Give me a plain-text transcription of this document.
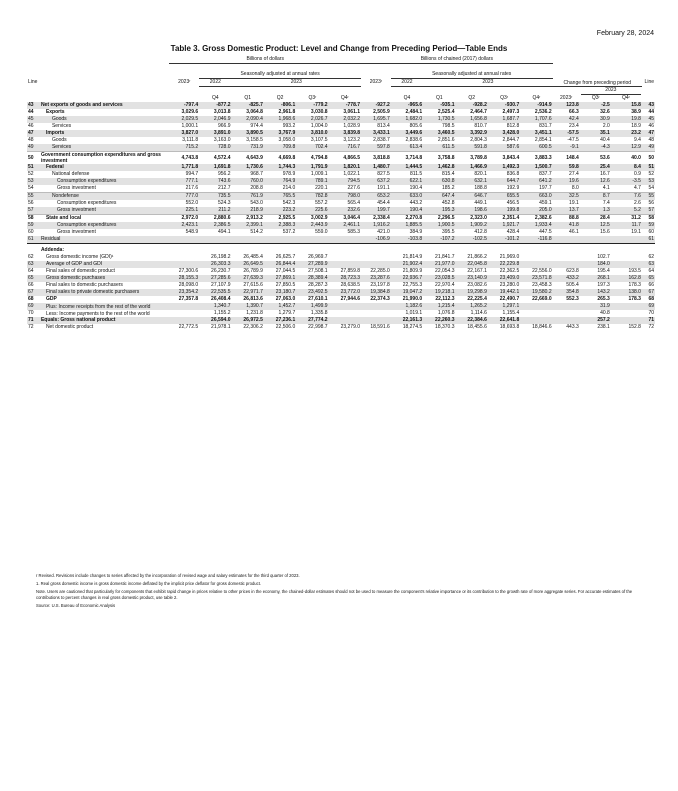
February 28, 2024
Table 3. Gross Domestic Product: Level and Change from Preceding Period—Table Ends
		Billions of dollars						Billions of chained (2017) dollars									
Line			Seasonally adjusted at annual rates						Seasonally adjusted at annual rates					Change from preceding period			Line
		2023ʳ	2022	2023				2023ʳ	2022	2023							
			Q4	Q1	Q2	Q3ʳ	Q4ʳ		Q4	Q1	Q2	Q3ʳ	Q4ʳ	2023ʳ	2023
Q3ʳ Q4ʳ		

43	Net exports of goods and services	-797.4	-877.2	-825.7	-806.1	-779.2	-778.7	-927.2	-965.6	-935.1	-928.2	-930.7	-914.9	123.8	-2.5	15.8	43
44	Exports	3,029.6	3,013.8	3,064.8	2,961.8	3,030.8	3,061.1	2,505.9	2,484.1	2,525.4	2,464.7	2,497.3	2,536.2	66.3	32.6	38.9	44
45	Goods	2,029.5	2,046.9	2,090.4	1,968.6	2,026.7	2,032.2	1,695.7	1,682.0	1,730.5	1,656.8	1,687.7	1,707.6	42.4	30.9	19.8	45
46	Services	1,000.1	966.9	974.4	993.2	1,004.0	1,028.9	813.4	805.6	798.5	810.7	812.8	831.7	23.4	2.0	18.9	46
47	Imports	3,827.0	3,891.0	3,890.5	3,767.9	3,810.0	3,839.8	3,433.1	3,449.6	3,460.5	3,392.9	3,428.0	3,451.1	-57.5	35.1	23.2	47
48	Goods	3,111.8	3,163.0	3,158.5	3,058.0	3,107.5	3,123.2	2,838.7	2,838.6	2,851.6	2,804.3	2,844.7	2,854.1	-47.5	40.4	9.4	48
49	Services	715.2	728.0	731.9	709.8	702.4	716.7	597.8	613.4	611.5	591.8	587.6	600.5	-9.1	-4.3	12.9	49
50	Government consumption expenditures and gross investment	4,743.8	4,572.4	4,643.9	4,669.8	4,794.8	4,866.5	3,818.8	3,714.8	3,758.8	3,789.8	3,843.4	3,883.3	148.4	53.6	40.0	50
51	Federal	1,771.8	1,691.8	1,730.6	1,744.3	1,791.9	1,820.1	1,480.7	1,444.5	1,462.8	1,466.9	1,492.3	1,500.7	59.8	25.4	8.4	51
52	National defense	994.7	956.2	968.7	978.9	1,009.1	1,022.1	827.5	811.5	815.4	820.1	836.8	837.7	27.4	16.7	0.9	52
53	Consumption expenditures	777.1	743.6	760.0	764.9	789.1	794.5	637.2	622.1	630.8	632.1	644.7	641.2	19.6	12.6	-3.5	53
54	Gross investment	217.6	212.7	208.8	214.0	220.1	227.6	191.1	190.4	185.2	188.8	192.9	197.7	8.0	4.1	4.7	54
55	Nondefense	777.0	735.5	761.9	765.5	782.8	798.0	653.2	633.0	647.4	646.7	655.5	663.0	32.5	8.7	7.6	55
56	Consumption expenditures	552.0	524.3	543.0	542.3	557.2	565.4	454.4	443.2	452.8	449.1	456.5	459.1	19.1	7.4	2.6	56
57	Gross investment	225.1	211.2	218.9	223.2	225.6	232.6	199.7	190.4	195.3	198.6	199.8	205.0	13.7	1.3	5.2	57
58	State and local	2,972.0	2,880.6	2,913.2	2,925.5	3,002.9	3,046.4	2,338.4	2,270.8	2,296.5	2,323.0	2,351.4	2,382.6	88.8	28.4	31.2	58
59	Consumption expenditures	2,423.1	2,386.5	2,399.1	2,388.3	2,443.9	2,461.1	1,916.2	1,885.5	1,900.5	1,909.2	1,921.7	1,933.4	41.8	12.5	11.7	59
60	Gross investment	548.9	494.1	514.2	537.2	559.0	585.3	421.0	384.9	395.5	412.8	428.4	447.5	46.1	15.6	19.1	60
61	Residual							-106.9	-103.8	-107.2	-102.5	-101.2	-116.8				61
	Addenda:																
62	Gross domestic income (GDI)¹		26,198.2	26,485.4	26,625.7	26,969.7			21,814.9	21,841.7	21,866.2	21,969.0			102.7		62
63	Average of GDP and GDI		26,303.3	26,649.5	26,844.4	27,289.9			21,902.4	21,977.0	22,045.8	22,229.8			184.0		63
64	Final sales of domestic product	27,300.6	26,230.7	26,789.9	27,044.5	27,508.1	27,859.8	22,285.0	21,809.9	22,054.3	22,167.1	22,362.5	22,556.0	623.8	195.4	193.5	64
65	Gross domestic purchases	28,155.3	27,285.6	27,639.3	27,869.1	28,389.4	28,723.3	23,287.6	22,936.7	23,028.5	23,140.9	23,409.0	23,571.8	433.2	268.1	162.8	65
66	Final sales to domestic purchasers	28,098.0	27,107.9	27,615.6	27,850.5	28,287.3	28,638.5	23,197.8	22,755.3	22,970.4	23,082.6	23,280.0	23,458.3	505.4	197.3	178.3	66
67	Final sales to private domestic purchasers	23,354.2	22,535.5	22,971.7	23,180.7	23,492.5	23,772.0	19,384.8	19,047.2	19,218.1	19,298.9	19,442.1	19,580.2	354.8	143.2	138.0	67
68	GDP	27,357.8	26,408.4	26,813.6	27,063.0	27,610.1	27,944.6	22,374.3	21,990.0	22,112.3	22,225.4	22,490.7	22,669.0	552.3	265.3	178.3	68
69	Plus: Income receipts from the rest of the world		1,340.7	1,390.7	1,452.7	1,499.9			1,182.6	1,215.4	1,265.2	1,297.1			31.9		69
70	Less: Income payments to the rest of the world		1,155.2	1,231.8	1,279.7	1,335.8			1,019.1	1,076.8	1,114.6	1,155.4			40.8		70
71	Equals: Gross national product		26,594.0	26,972.5	27,236.1	27,774.2			22,161.3	22,260.3	22,384.6	22,641.8			257.2		71
72	Net domestic product	22,772.5	21,978.1	22,306.2	22,506.0	22,998.7	23,279.0	18,591.6	18,274.5	18,370.3	18,455.6	18,693.8	18,846.6	443.3	238.1	152.8	72

r Revised. Revisions include changes to series affected by the incorporation of revised wage and salary estimates for the third quarter of 2023.

1. Real gross domestic income is gross domestic income deflated by the implicit price deflator for gross domestic product.

Note. Users are cautioned that particularly for components that exhibit rapid change in prices relative to other prices in the economy, the chained-dollar estimates should not be used to measure the component's relative importance or its contribution to the growth rate of more aggregate series. For accurate estimates of the contributions to percent changes in real gross domestic product, use table 2.

Source: U.S. Bureau of Economic Analysis
